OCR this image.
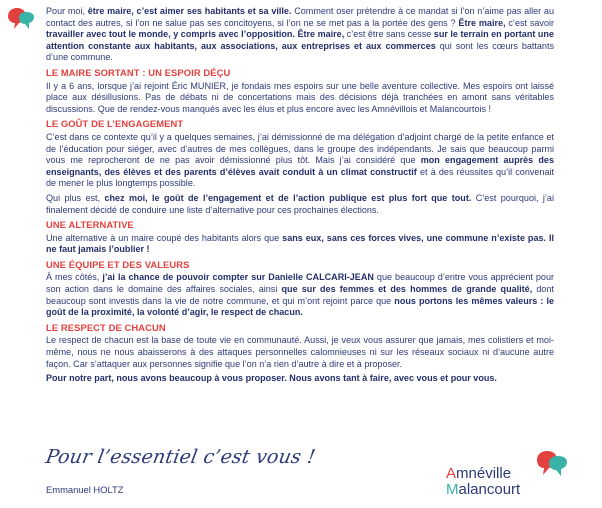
Pour moi, être maire, c’est aimer ses habitants et sa ville. Comment oser prétendre à ce mandat si l’on n’aime pas aller au contact des autres, si l’on ne salue pas ses concitoyens, si l’on ne se met pas à la portée des gens ? Être maire, c’est savoir travailler avec tout le monde, y compris avec l’opposition. Être maire, c’est être sans cesse sur le terrain en portant une attention constante aux habitants, aux associations, aux entreprises et aux commerces qui sont les cœurs battants d’une commune.

LE MAIRE SORTANT : UN ESPOIR DÉÇU

Il y a 6 ans, lorsque j’ai rejoint Éric MUNIER, je fondais mes espoirs sur une belle aventure collective. Mes espoirs ont laissé place aux désillusions. Pas de débats ni de concertations mais des décisions déjà tranchées en amont sans véritables discussions. Que de rendez-vous manqués avec les élus et plus encore avec les Amnévillois et Malancourtois !

LE GOÛT DE L’ENGAGEMENT

C’est dans ce contexte qu’il y a quelques semaines, j’ai démissionné de ma délégation d’adjoint chargé de la petite enfance et de l’éducation pour siéger, avec d’autres de mes collègues, dans le groupe des indépendants. Je sais que beaucoup parmi vous me reprocheront de ne pas avoir démissionné plus tôt. Mais j’ai considéré que mon engagement auprès des enseignants, des élèves et des parents d’élèves avait conduit à un climat constructif et à des réussites qu’il convenait de mener le plus longtemps possible.

Qui plus est, chez moi, le goût de l’engagement et de l’action publique est plus fort que tout. C’est pourquoi, j’ai finalement décidé de conduire une liste d’alternative pour ces prochaines élections.

UNE ALTERNATIVE

Une alternative à un maire coupé des habitants alors que sans eux, sans ces forces vives, une commune n’existe pas. Il ne faut jamais l’oublier !

UNE ÉQUIPE ET DES VALEURS

À mes côtés, j’ai la chance de pouvoir compter sur Danielle CALCARI-JEAN que beaucoup d’entre vous apprécient pour son action dans le domaine des affaires sociales, ainsi que sur des femmes et des hommes de grande qualité, dont beaucoup sont investis dans la vie de notre commune, et qui m’ont rejoint parce que nous portons les mêmes valeurs : le goût de la proximité, la volonté d’agir, le respect de chacun.

LE RESPECT DE CHACUN

Le respect de chacun est la base de toute vie en communauté. Aussi, je veux vous assurer que jamais, mes colistiers et moi-même, nous ne nous abaisserons à des attaques personnelles calomnieuses ni sur les réseaux sociaux ni d’aucune autre façon. Car s’attaquer aux personnes signifie que l’on n’a rien d’autre à dire et à proposer.

Pour notre part, nous avons beaucoup à vous proposer. Nous avons tant à faire, avec vous et pour vous.

Pour l’essentiel c’est vous !
Emmanuel HOLTZ
Amnéville
Malancourt
